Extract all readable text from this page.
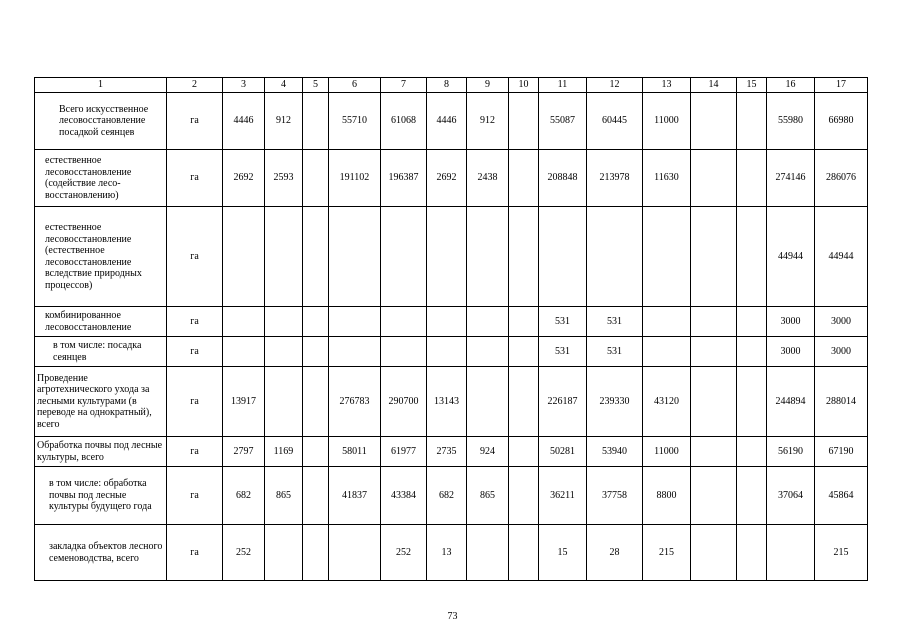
1	2	3	4	5	6	7	8	9	10	11	12	13	14	15	16	17
Всего искусственное лесовосстановление посадкой сеянцев	га	4446	912		55710	61068	4446	912		55087	60445	11000			55980	66980
естественное лесовосстановление (содействие лесо-восстановлению)	га	2692	2593		191102	196387	2692	2438		208848	213978	11630			274146	286076
естественное лесовосстановление (естественное лесовосстановление вследствие природных процессов)	га														44944	44944
комбинированное лесовосстановление	га									531	531				3000	3000
в том числе: посадка сеянцев	га									531	531				3000	3000
Проведение агротехнического ухода за лесными культурами (в переводе на однократный), всего	га	13917			276783	290700	13143			226187	239330	43120			244894	288014
Обработка почвы под лесные культуры, всего	га	2797	1169		58011	61977	2735	924		50281	53940	11000			56190	67190
в том числе: обработка почвы под лесные культуры будущего года	га	682	865		41837	43384	682	865		36211	37758	8800			37064	45864
закладка объектов лесного семеноводства, всего	га	252				252	13			15	28	215				215
73
